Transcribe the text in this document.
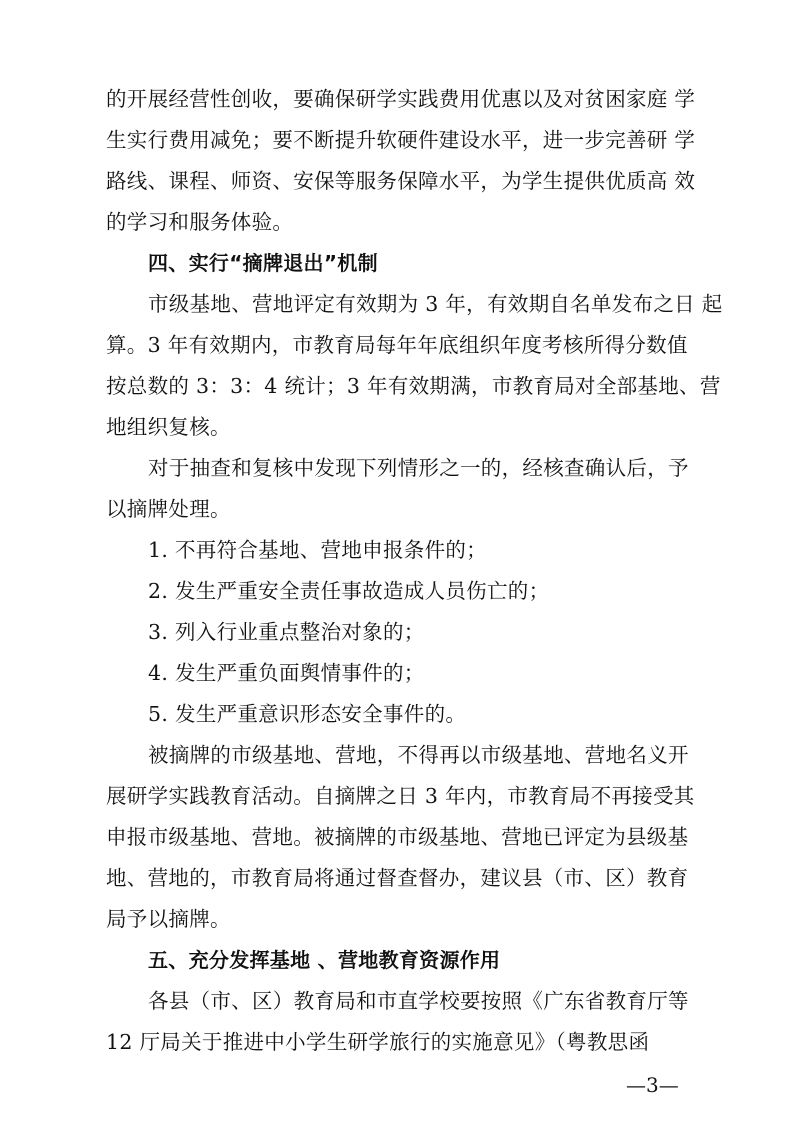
的开展经营性创收，要确保研学实践费用优惠以及对贫困家庭 学
生实行费用减免；要不断提升软硬件建设水平，进一步完善研 学
路线、课程、师资、安保等服务保障水平，为学生提供优质高 效
的学习和服务体验。
四、实行“摘牌退出”机制
市级基地、营地评定有效期为 3 年，有效期自名单发布之日 起
算。3 年有效期内，市教育局每年年底组织年度考核所得分数值
按总数的 3：3：4 统计；3 年有效期满，市教育局对全部基地、营
地组织复核。
对于抽查和复核中发现下列情形之一的，经核查确认后，予
以摘牌处理。
1. 不再符合基地、营地申报条件的；
2. 发生严重安全责任事故造成人员伤亡的；
3. 列入行业重点整治对象的；
4. 发生严重负面舆情事件的；
5. 发生严重意识形态安全事件的。
被摘牌的市级基地、营地，不得再以市级基地、营地名义开
展研学实践教育活动。自摘牌之日 3 年内，市教育局不再接受其
申报市级基地、营地。被摘牌的市级基地、营地已评定为县级基
地、营地的，市教育局将通过督查督办，建议县（市、区）教育
局予以摘牌。
五、充分发挥基地 、营地教育资源作用
各县（市、区）教育局和市直学校要按照《广东省教育厅等
12 厅局关于推进中小学生研学旅行的实施意见》（粤教思函
—3—
